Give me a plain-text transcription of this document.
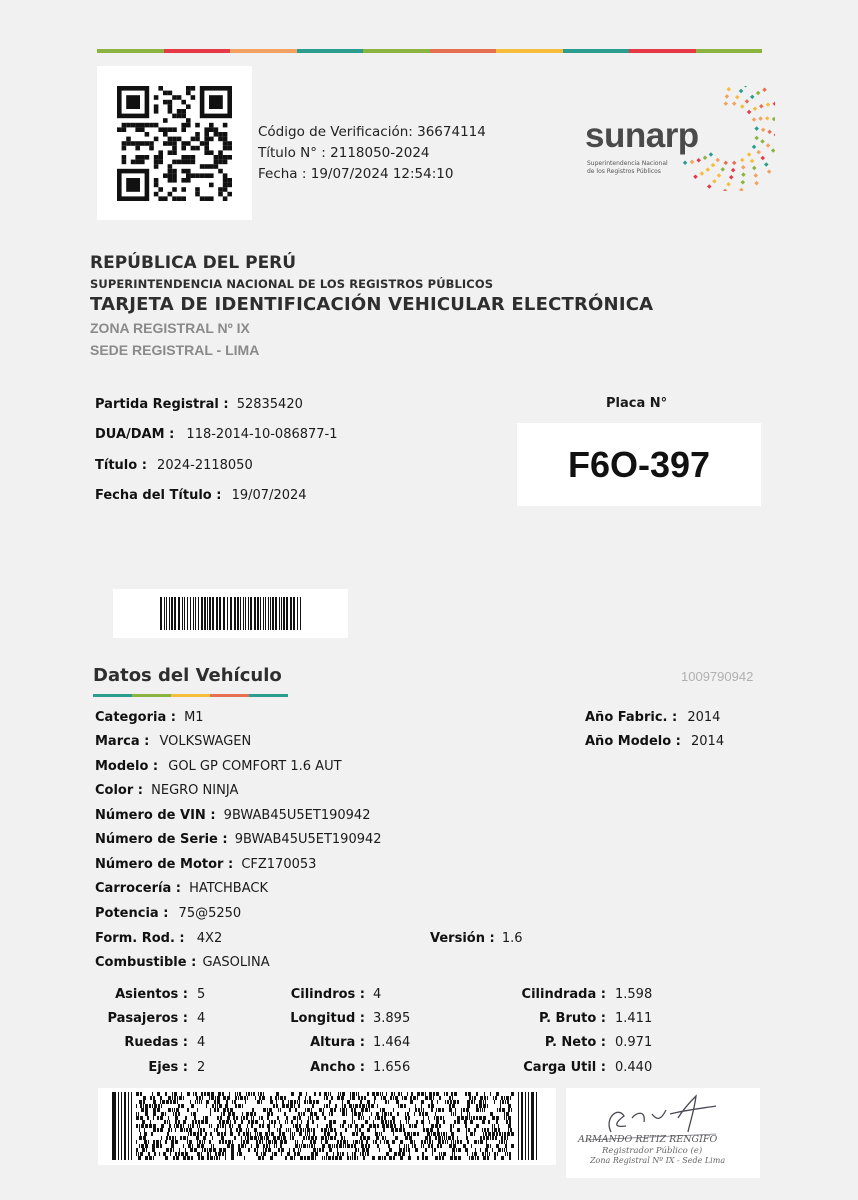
Código de Verificación: 36674114
Título N° : 2118050-2024
Fecha : 19/07/2024 12:54:10
sunarp
Superintendencia Nacional
de los Registros Públicos
REPÚBLICA DEL PERÚ
SUPERINTENDENCIA NACIONAL DE LOS REGISTROS PÚBLICOS
TARJETA DE IDENTIFICACIÓN VEHICULAR ELECTRÓNICA
ZONA REGISTRAL Nº IX
SEDE REGISTRAL - LIMA
Partida Registral : 52835420
DUA/DAM : 118-2014-10-086877-1
Título : 2024-2118050
Fecha del Título : 19/07/2024
Placa N°
F6O-397
Datos del Vehículo	1009790942
Categoria : M1
Marca : VOLKSWAGEN
Modelo : GOL GP COMFORT 1.6 AUT
Color : NEGRO NINJA
Número de VIN : 9BWAB45U5ET190942
Número de Serie : 9BWAB45U5ET190942
Número de Motor : CFZ170053
Carrocería : HATCHBACK
Potencia : 75@5250
Form. Rod. : 4X2	Versión : 1.6
Combustible : GASOLINA
Año Fabric. : 2014
Año Modelo : 2014
Asientos : 5
Pasajeros : 4
Ruedas : 4
Ejes : 2
Cilindros : 4
Longitud : 3.895
Altura : 1.464
Ancho : 1.656
Cilindrada : 1.598
P. Bruto : 1.411
P. Neto : 0.971
Carga Util : 0.440
ARMANDO RETIZ RENGIFO
Registrador Público (e)
Zona Registral Nº IX - Sede Lima
